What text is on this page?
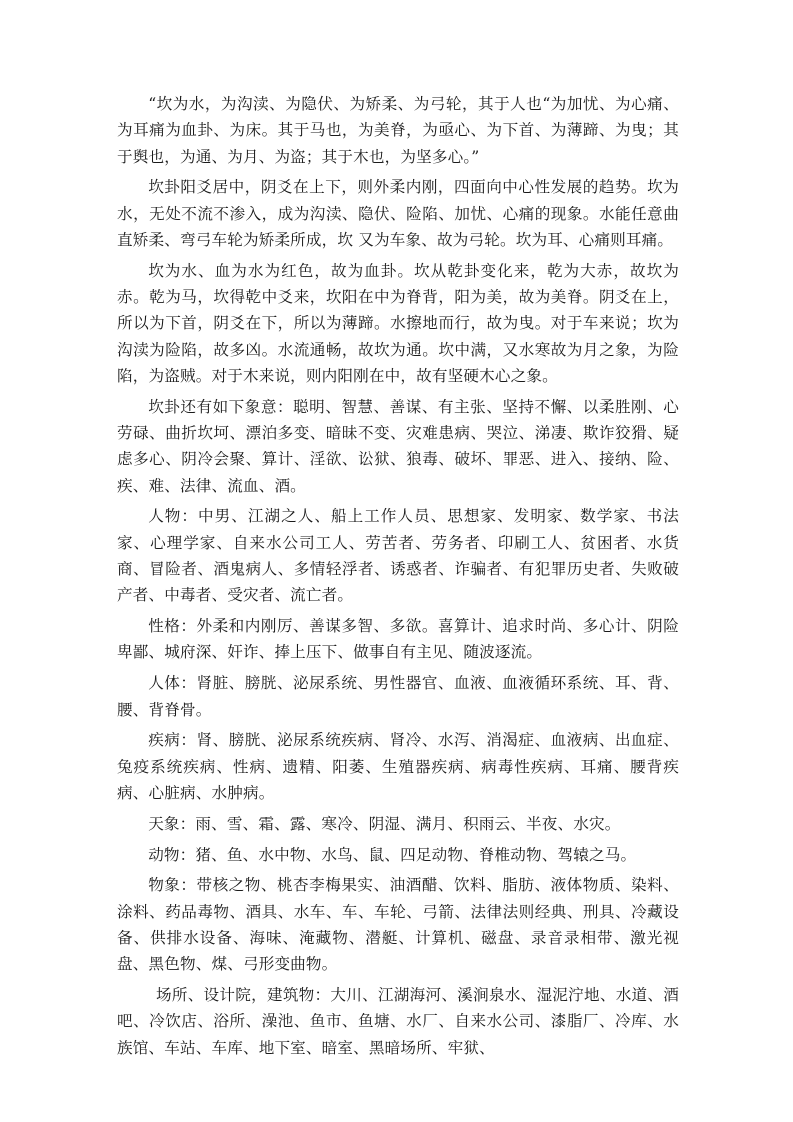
“坎为水，为沟渎、为隐伏、为矫柔、为弓轮，其于人也“为加忧、为心痛、为耳痛为血卦、为床。其于马也，为美脊，为亟心、为下首、为薄蹄、为曳；其于舆也，为通、为月、为盗；其于木也，为坚多心。”

坎卦阳爻居中，阴爻在上下，则外柔内刚，四面向中心性发展的趋势。坎为水，无处不流不渗入，成为沟渎、隐伏、险陷、加忧、心痛的现象。水能任意曲直矫柔、弯弓车轮为矫柔所成，坎 又为车象、故为弓轮。坎为耳、心痛则耳痛。

坎为水、血为水为红色，故为血卦。坎从乾卦变化来，乾为大赤，故坎为赤。乾为马，坎得乾中爻来，坎阳在中为脊背，阳为美，故为美脊。阴爻在上，所以为下首，阴爻在下，所以为薄蹄。水擦地而行，故为曳。对于车来说；坎为沟渎为险陷，故多凶。水流通畅，故坎为通。坎中满，又水寒故为月之象，为险陷，为盗贼。对于木来说，则内阳刚在中，故有坚硬木心之象。

坎卦还有如下象意：聪明、智慧、善谋、有主张、坚持不懈、以柔胜刚、心劳碌、曲折坎坷、漂泊多变、暗昧不变、灾难患病、哭泣、涕凄、欺诈狡猾、疑虑多心、阴冷会聚、算计、淫欲、讼狱、狼毒、破坏、罪恶、进入、接纳、险、疾、难、法律、流血、酒。

人物：中男、江湖之人、船上工作人员、思想家、发明家、数学家、书法家、心理学家、自来水公司工人、劳苦者、劳务者、印刷工人、贫困者、水货商、冒险者、酒鬼病人、多情轻浮者、诱惑者、诈骗者、有犯罪历史者、失败破产者、中毒者、受灾者、流亡者。

性格：外柔和内刚厉、善谋多智、多欲。喜算计、追求时尚、多心计、阴险卑鄙、城府深、奸诈、捧上压下、做事自有主见、随波逐流。

人体：肾脏、膀胱、泌尿系统、男性器官、血液、血液循环系统、耳、背、腰、背脊骨。

疾病：肾、膀胱、泌尿系统疾病、肾冷、水泻、消渴症、血液病、出血症、兔疫系统疾病、性病、遗精、阳萎、生殖器疾病、病毒性疾病、耳痛、腰背疾病、心脏病、水肿病。

天象：雨、雪、霜、露、寒冷、阴湿、满月、积雨云、半夜、水灾。

动物：猪、鱼、水中物、水鸟、鼠、四足动物、脊椎动物、驾辕之马。

物象：带核之物、桃杏李梅果实、油酒醋、饮料、脂肪、液体物质、染料、涂料、药品毒物、酒具、水车、车、车轮、弓箭、法律法则经典、刑具、冷藏设备、供排水设备、海味、淹藏物、潜艇、计算机、磁盘、录音录相带、激光视盘、黑色物、煤、弓形变曲物。

场所、设计院，建筑物：大川、江湖海河、溪涧泉水、湿泥泞地、水道、酒吧、冷饮店、浴所、澡池、鱼市、鱼塘、水厂、自来水公司、漆脂厂、冷库、水族馆、车站、车库、地下室、暗室、黑暗场所、牢狱、
